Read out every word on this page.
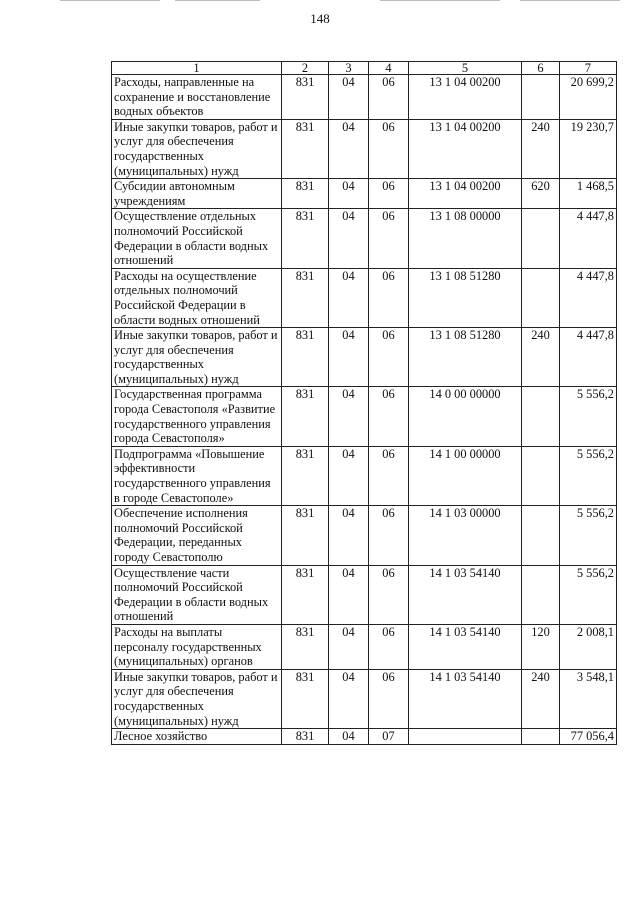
148
1	2	3	4	5	6	7
Расходы, направленные на сохранение и восстановление водных объектов	831	04	06	13 1 04 00200		20 699,2
Иные закупки товаров, работ и услуг для обеспечения государственных (муниципальных) нужд	831	04	06	13 1 04 00200	240	19 230,7
Субсидии автономным учреждениям	831	04	06	13 1 04 00200	620	1 468,5
Осуществление отдельных полномочий Российской Федерации в области водных отношений	831	04	06	13 1 08 00000		4 447,8
Расходы на осуществление отдельных полномочий Российской Федерации в области водных отношений	831	04	06	13 1 08 51280		4 447,8
Иные закупки товаров, работ и услуг для обеспечения государственных (муниципальных) нужд	831	04	06	13 1 08 51280	240	4 447,8
Государственная программа города Севастополя «Развитие государственного управления города Севастополя»	831	04	06	14 0 00 00000		5 556,2
Подпрограмма «Повышение эффективности государственного управления в городе Севастополе»	831	04	06	14 1 00 00000		5 556,2
Обеспечение исполнения полномочий Российской Федерации, переданных городу Севастополю	831	04	06	14 1 03 00000		5 556,2
Осуществление части полномочий Российской Федерации в области водных отношений	831	04	06	14 1 03 54140		5 556,2
Расходы на выплаты персоналу государственных (муниципальных) органов	831	04	06	14 1 03 54140	120	2 008,1
Иные закупки товаров, работ и услуг для обеспечения государственных (муниципальных) нужд	831	04	06	14 1 03 54140	240	3 548,1
Лесное хозяйство	831	04	07			77 056,4
